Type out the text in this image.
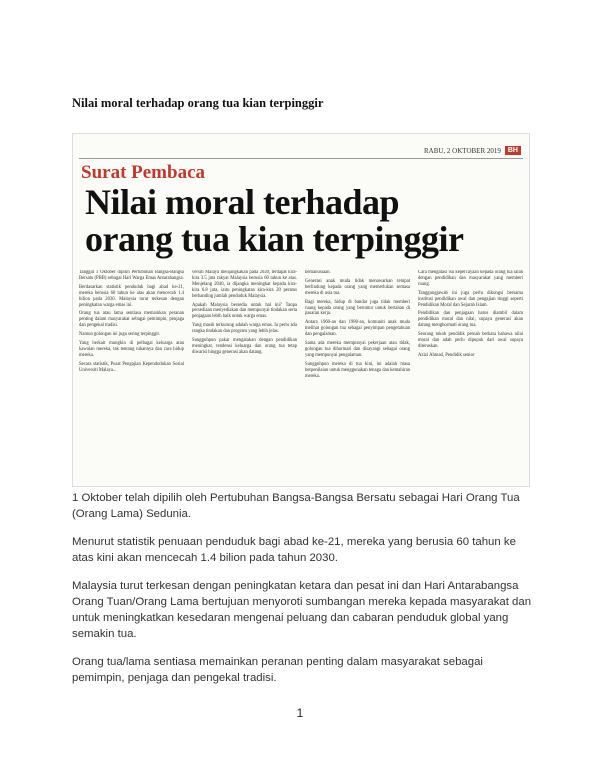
Nilai moral terhadap orang tua kian terpinggir
RABU, 2 OKTOBER 2019	BH
Surat Pembaca
Nilai moral terhadap
orang tua kian terpinggir

Tanggal 1 Oktober dipilih Pertubuhan Bangsa-Bangsa Bersatu (PBB) sebagai Hari Warga Emas Antarabangsa.

Berdasarkan statistik penduduk bagi abad ke-21, mereka berusia 60 tahun ke atas akan mencecah 1.4 bilion pada 2030. Malaysia turut terkesan dengan peningkatan warga emas ini.

Orang tua atau lama sentiasa memainkan peranan penting dalam masyarakat sebagai pemimpin, penjaga dan pengekal tradisi.

Namun golongan ini juga sering terpinggir.

Yang berkait mungkin di pelbagai keluarga atau kawalan mereka, tak tentang tuhannya dan cara hidup mereka.

Secara statistik, Pusat Pengajian Kependudukan Sosial Universiti Malaya...

versiti Malaya menjangkakan pada 2020, terdapat kira-kira 3.5 juta rakyat Malaysia berusia 60 tahun ke atas. Menjelang 2040, ia dijangka meningkat kepada kira-kira 6.8 juta, iaitu peningkatan kira-kira 20 peratus berbanding jumlah penduduk Malaysia.

Apakah Malaysia bersedia untuk hal ini? Tanpa persediaan menyediakan dan mempunyai tindakan serta penjagaan lebih baik untuk warga emas.

Yang masih terkurung adalah warga emas. Ia perlu ada rangka tindakan dan program yang lebih jelas.

Sungguhpun pakar mengatakan dengan pendidikan meningkat, tendensi keluarga dan orang tua tetap diwarisi hingga generasi akan datang.

kemanusiaan.

Generasi anak muda tidak menawarkan tempat berlindung kepada orang yang memerlukan semasa mereka di usia tua.

Bagi mereka, hidup di bandar juga tidak memberi ruang kepada orang yang berumur untuk bertahan di pasaran kerja.

Antara 1960-an dan 1980-an, komuniti anak muda melihat golongan tua sebagai penyimpan pengetahuan dan pengalaman.

Sama ada mereka mempunyai pekerjaan atau tidak, golongan tua dihormati dan disayangi sebagai orang yang mempunyai pengalaman.

Sungguhpun mereka di tua kini, ini adalah masa berpenilaian untuk menggunakan tenaga dan kemahiran mereka.

Cara mengatasi isu kepercayaan kepada orang tua ialah dengan pendidikan dan masyarakat yang memberi ruang.

Tanggungjawab ini juga perlu dikongsi bersama institusi pendidikan awal dan pengajian tinggi seperti Pendidikan Moral dan Sejarah Islam.

Pendidikan dan penjagaan harus diambil dalam pendidikan moral dan nilai, supaya generasi akan datang menghormati orang tua.

Seorang tokoh pendidik pernah berkata bahawa nilai moral dan adab perlu dipupuk dari awal supaya diteruskan.

Azizi Ahmad, Pendidik senior

1 Oktober telah dipilih oleh Pertubuhan Bangsa-Bangsa Bersatu sebagai Hari Orang Tua (Orang Lama) Sedunia.

Menurut statistik penuaan penduduk bagi abad ke-21, mereka yang berusia 60 tahun ke atas kini akan mencecah 1.4 bilion pada tahun 2030.

Malaysia turut terkesan dengan peningkatan ketara dan pesat ini dan Hari Antarabangsa Orang Tuan/Orang Lama bertujuan menyoroti sumbangan mereka kepada masyarakat dan untuk meningkatkan kesedaran mengenai peluang dan cabaran penduduk global yang semakin tua.

Orang tua/lama sentiasa memainkan peranan penting dalam masyarakat sebagai pemimpin, penjaga dan pengekal tradisi.

1
